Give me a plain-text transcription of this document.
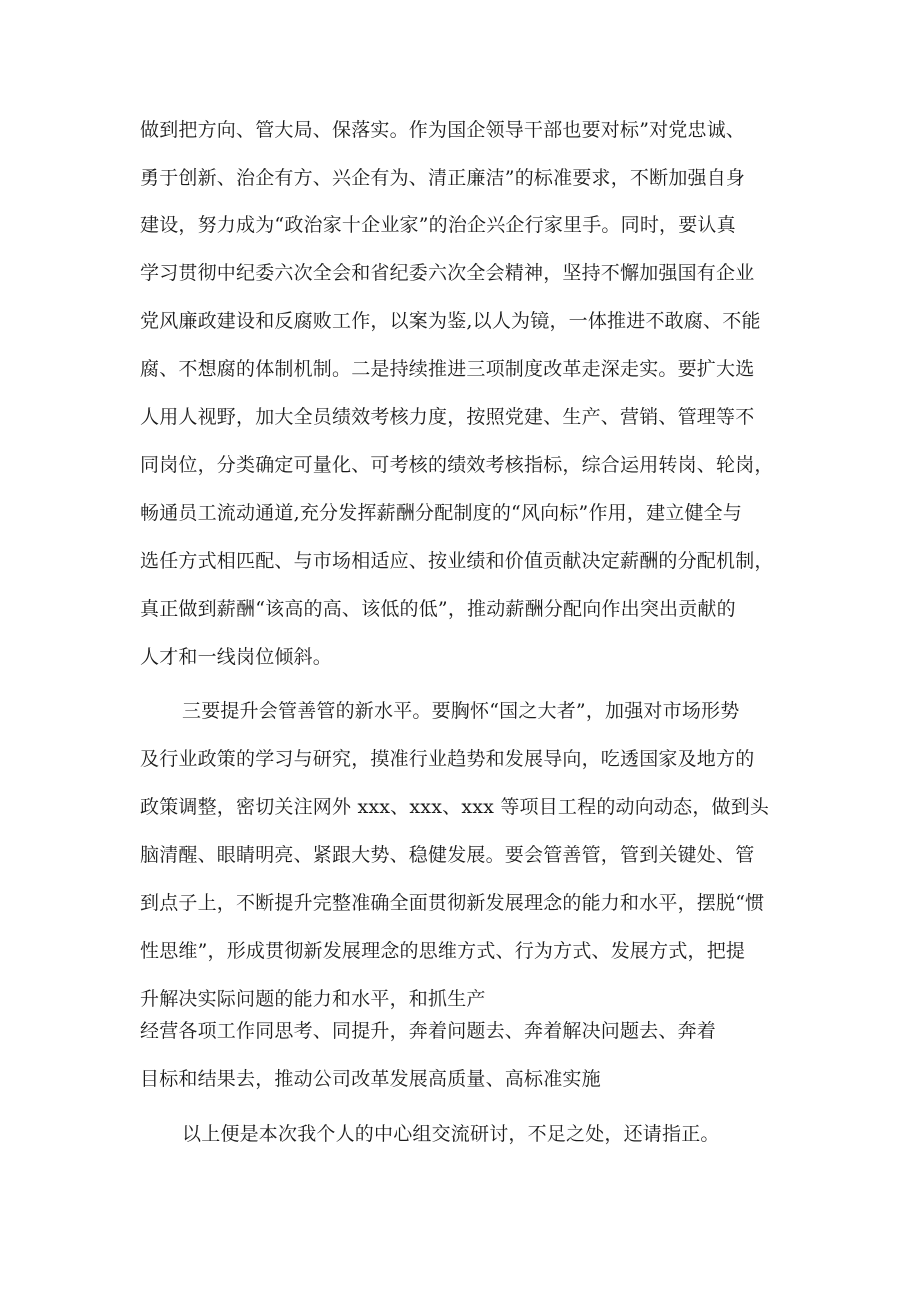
做到把方向、管大局、保落实。作为国企领导干部也要对标”对党忠诚、
勇于创新、治企有方、兴企有为、清正廉洁”的标准要求，不断加强自身
建设，努力成为“政治家十企业家”的治企兴企行家里手。同时，要认真
学习贯彻中纪委六次全会和省纪委六次全会精神，坚持不懈加强国有企业
党风廉政建设和反腐败工作，以案为鉴,以人为镜，一体推进不敢腐、不能
腐、不想腐的体制机制。二是持续推进三项制度改革走深走实。要扩大选
人用人视野，加大全员绩效考核力度，按照党建、生产、营销、管理等不
同岗位，分类确定可量化、可考核的绩效考核指标，综合运用转岗、轮岗，
畅通员工流动通道,充分发挥薪酬分配制度的“风向标”作用，建立健全与
选任方式相匹配、与市场相适应、按业绩和价值贡献决定薪酬的分配机制，
真正做到薪酬“该高的高、该低的低”，推动薪酬分配向作出突出贡献的
人才和一线岗位倾斜。
三要提升会管善管的新水平。要胸怀“国之大者”，加强对市场形势
及行业政策的学习与研究，摸准行业趋势和发展导向，吃透国家及地方的
政策调整，密切关注网外 xxx、xxx、xxx 等项目工程的动向动态，做到头
脑清醒、眼睛明亮、紧跟大势、稳健发展。要会管善管，管到关键处、管
到点子上，不断提升完整准确全面贯彻新发展理念的能力和水平，摆脱“惯
性思维”，形成贯彻新发展理念的思维方式、行为方式、发展方式，把提
升解决实际问题的能力和水平，和抓生产
经营各项工作同思考、同提升，奔着问题去、奔着解决问题去、奔着
目标和结果去，推动公司改革发展高质量、高标准实施
以上便是本次我个人的中心组交流研讨，不足之处，还请指正。
